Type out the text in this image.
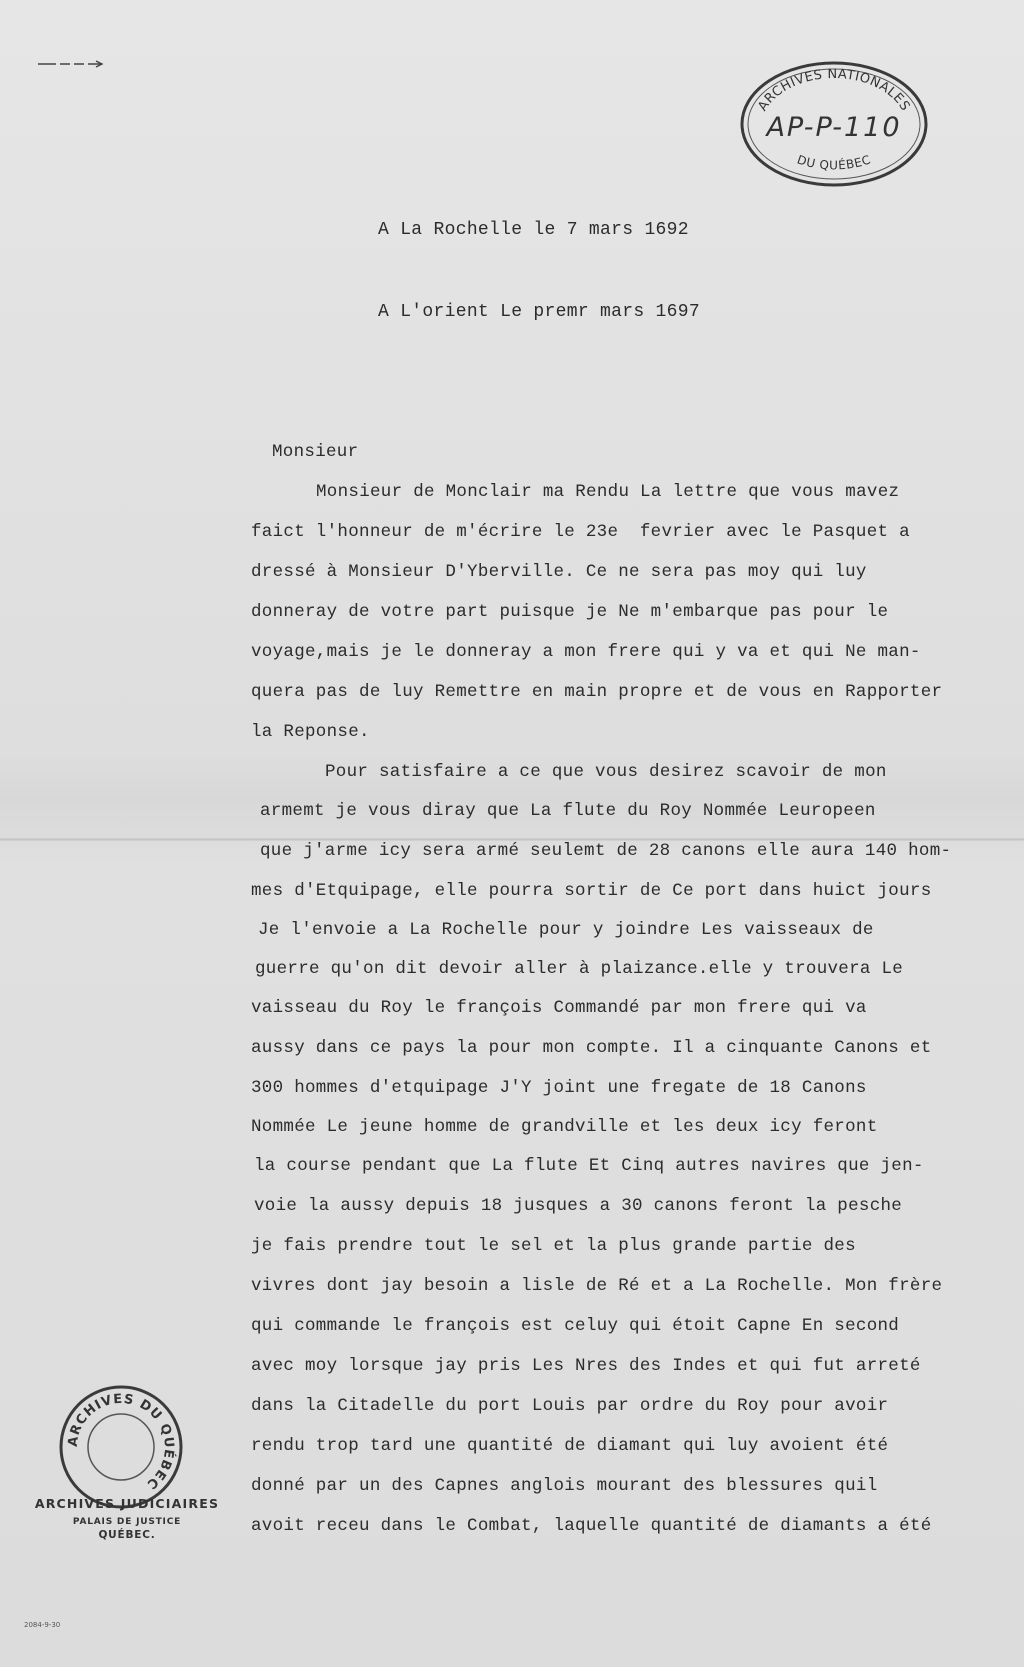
ARCHIVES NATIONALES
DU QUÉBEC
AP-P-110
A La Rochelle le 7 mars 1692
A L'orient Le premr mars 1697
Monsieur
Monsieur de Monclair ma Rendu La lettre que vous mavez
faict l'honneur de m'écrire le 23e  fevrier avec le Pasquet a
dressé à Monsieur D'Yberville. Ce ne sera pas moy qui luy
donneray de votre part puisque je Ne m'embarque pas pour le
voyage,mais je le donneray a mon frere qui y va et qui Ne man-
quera pas de luy Remettre en main propre et de vous en Rapporter
la Reponse.
Pour satisfaire a ce que vous desirez scavoir de mon
armemt je vous diray que La flute du Roy Nommée Leuropeen
que j'arme icy sera armé seulemt de 28 canons elle aura 140 hom-
mes d'Etquipage, elle pourra sortir de Ce port dans huict jours
Je l'envoie a La Rochelle pour y joindre Les vaisseaux de
guerre qu'on dit devoir aller à plaizance.elle y trouvera Le
vaisseau du Roy le françois Commandé par mon frere qui va
aussy dans ce pays la pour mon compte. Il a cinquante Canons et
300 hommes d'etquipage J'Y joint une fregate de 18 Canons
Nommée Le jeune homme de grandville et les deux icy feront
la course pendant que La flute Et Cinq autres navires que jen-
voie la aussy depuis 18 jusques a 30 canons feront la pesche
je fais prendre tout le sel et la plus grande partie des
vivres dont jay besoin a lisle de Ré et a La Rochelle. Mon frère
qui commande le françois est celuy qui étoit Capne En second
avec moy lorsque jay pris Les Nres des Indes et qui fut arreté
dans la Citadelle du port Louis par ordre du Roy pour avoir
rendu trop tard une quantité de diamant qui luy avoient été
donné par un des Capnes anglois mourant des blessures quil
avoit receu dans le Combat, laquelle quantité de diamants a été
ARCHIVES DU QUÉBEC
ARCHIVES JUDICIAIRES
PALAIS DE JUSTICE
QUÉBEC.
2084-9-30
